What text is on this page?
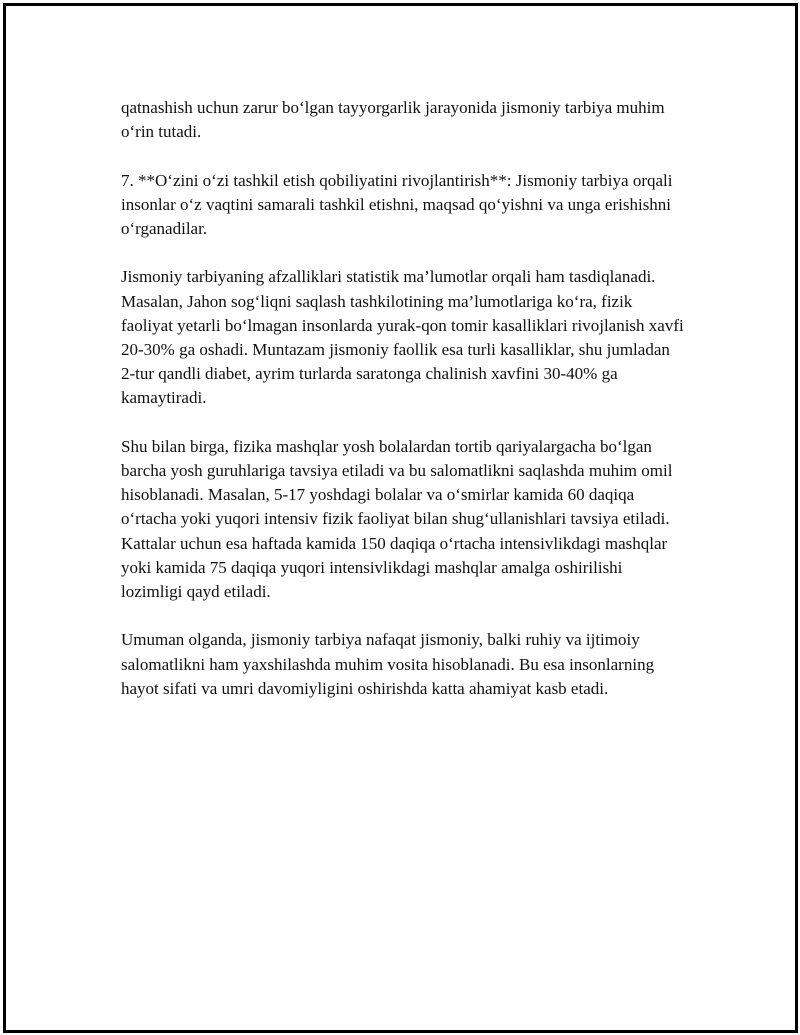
qatnashish uchun zarur bo‘lgan tayyorgarlik jarayonida jismoniy tarbiya muhim o‘rin tutadi.

7. **O‘zini o‘zi tashkil etish qobiliyatini rivojlantirish**: Jismoniy tarbiya orqali insonlar o‘z vaqtini samarali tashkil etishni, maqsad qo‘yishni va unga erishishni o‘rganadilar.

Jismoniy tarbiyaning afzalliklari statistik ma’lumotlar orqali ham tasdiqlanadi. Masalan, Jahon sog‘liqni saqlash tashkilotining ma’lumotlariga ko‘ra, fizik faoliyat yetarli bo‘lmagan insonlarda yurak-qon tomir kasalliklari rivojlanish xavfi 20-30% ga oshadi. Muntazam jismoniy faollik esa turli kasalliklar, shu jumladan 2-tur qandli diabet, ayrim turlarda saratonga chalinish xavfini 30-40% ga kamaytiradi.

Shu bilan birga, fizika mashqlar yosh bolalardan tortib qariyalargacha bo‘lgan barcha yosh guruhlariga tavsiya etiladi va bu salomatlikni saqlashda muhim omil hisoblanadi. Masalan, 5-17 yoshdagi bolalar va o‘smirlar kamida 60 daqiqa o‘rtacha yoki yuqori intensiv fizik faoliyat bilan shug‘ullanishlari tavsiya etiladi. Kattalar uchun esa haftada kamida 150 daqiqa o‘rtacha intensivlikdagi mashqlar yoki kamida 75 daqiqa yuqori intensivlikdagi mashqlar amalga oshirilishi lozimligi qayd etiladi.

Umuman olganda, jismoniy tarbiya nafaqat jismoniy, balki ruhiy va ijtimoiy salomatlikni ham yaxshilashda muhim vosita hisoblanadi. Bu esa insonlarning hayot sifati va umri davomiyligini oshirishda katta ahamiyat kasb etadi.
